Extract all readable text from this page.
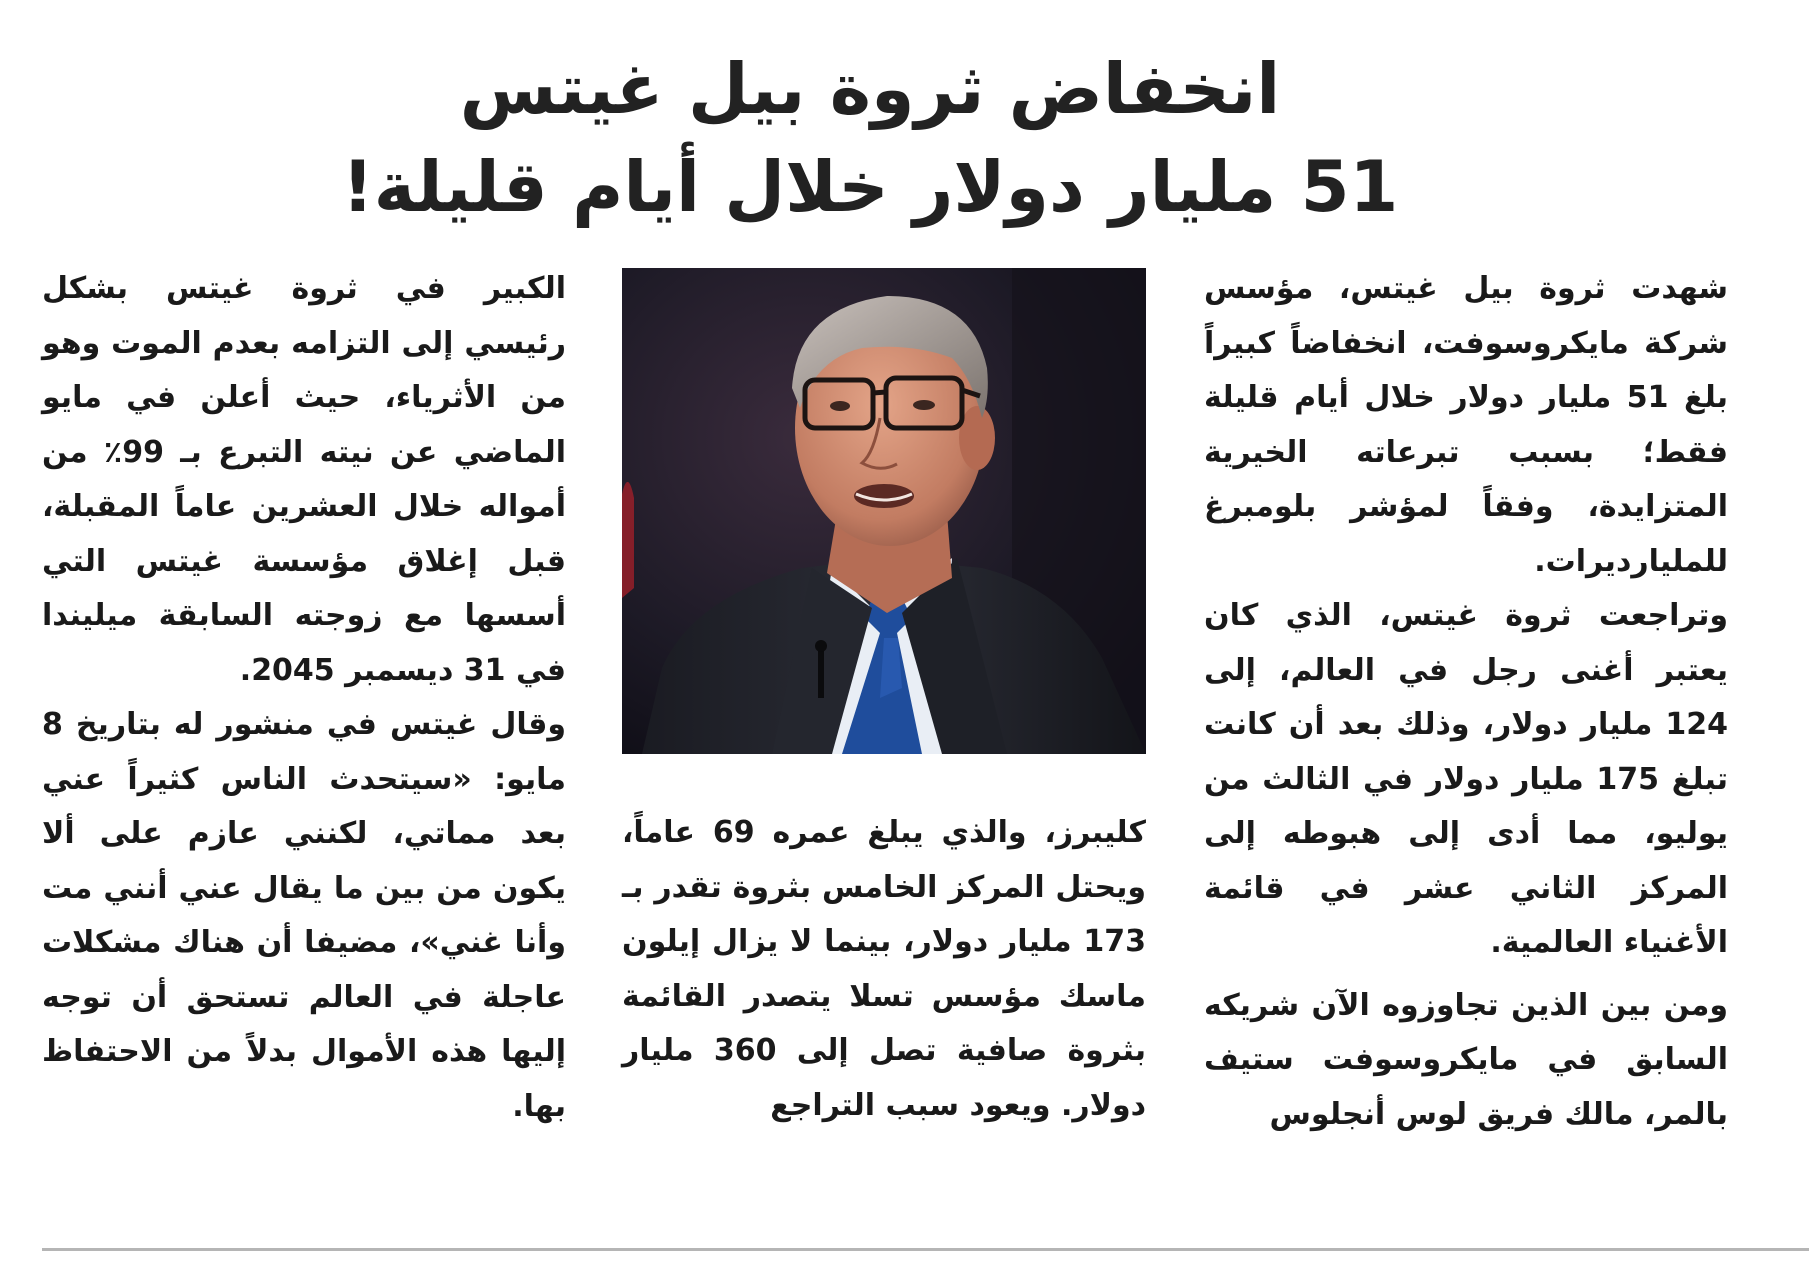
انخفاض ثروة بيل غيتس
51 مليار دولار خلال أيام قليلة!

شهدت ثروة بيل غيتس، مؤسس شركة مايكروسوفت، انخفاضاً كبيراً بلغ 51 مليار دولار خلال أيام قليلة فقط؛ بسبب تبرعاته الخيرية المتزايدة، وفقاً لمؤشر بلومبرغ للمليارديرات.

وتراجعت ثروة غيتس، الذي كان يعتبر أغنى رجل في العالم، إلى 124 مليار دولار، وذلك بعد أن كانت تبلغ 175 مليار دولار في الثالث من يوليو، مما أدى إلى هبوطه إلى المركز الثاني عشر في قائمة الأغنياء العالمية.

ومن بين الذين تجاوزوه الآن شريكه السابق في مايكروسوفت ستيف بالمر، مالك فريق لوس أنجلوس

كليبرز، والذي يبلغ عمره 69 عاماً، ويحتل المركز الخامس بثروة تقدر بـ 173 مليار دولار، بينما لا يزال إيلون ماسك مؤسس تسلا يتصدر القائمة بثروة صافية تصل إلى 360 مليار دولار. ويعود سبب التراجع

الكبير في ثروة غيتس بشكل رئيسي إلى التزامه بعدم الموت وهو من الأثرياء، حيث أعلن في مايو الماضي عن نيته التبرع بـ 99٪ من أمواله خلال العشرين عاماً المقبلة، قبل إغلاق مؤسسة غيتس التي أسسها مع زوجته السابقة ميليندا في 31 ديسمبر 2045.

وقال غيتس في منشور له بتاريخ 8 مايو: «سيتحدث الناس كثيراً عني بعد مماتي، لكنني عازم على ألا يكون من بين ما يقال عني أنني مت وأنا غني»، مضيفا أن هناك مشكلات عاجلة في العالم تستحق أن توجه إليها هذه الأموال بدلاً من الاحتفاظ بها.
